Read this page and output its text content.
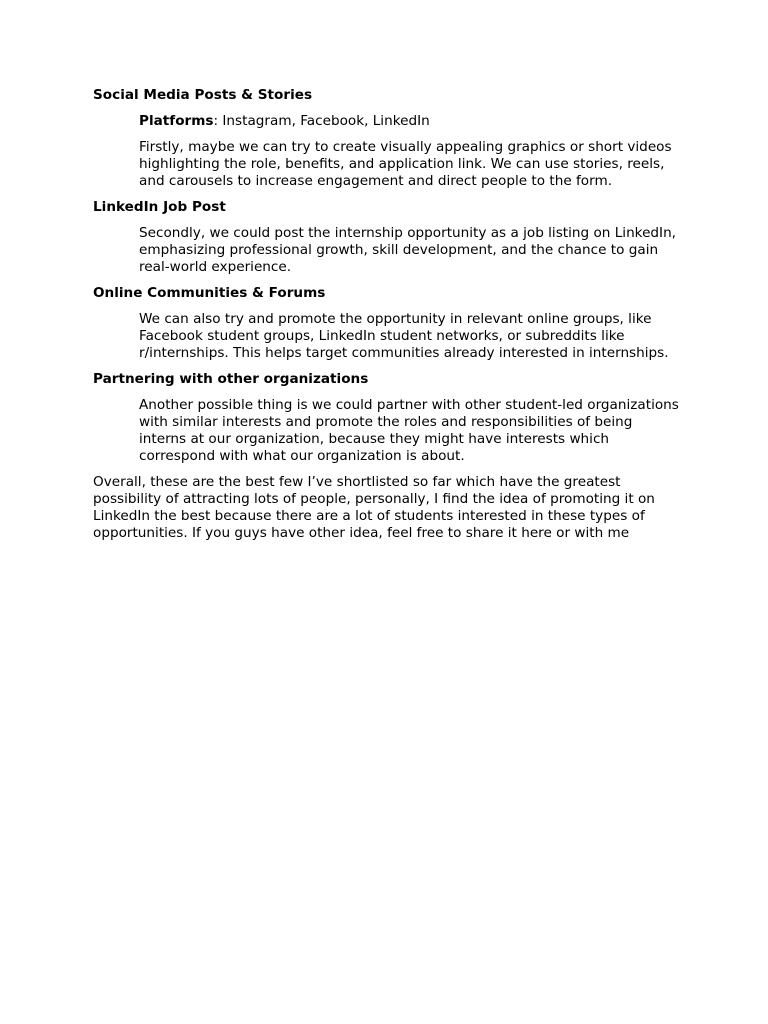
Social Media Posts & Stories

Platforms: Instagram, Facebook, LinkedIn

Firstly, maybe we can try to create visually appealing graphics or short videos highlighting the role, benefits, and application link. We can use stories, reels, and carousels to increase engagement and direct people to the form.

LinkedIn Job Post

Secondly, we could post the internship opportunity as a job listing on LinkedIn, emphasizing professional growth, skill development, and the chance to gain real-world experience.

Online Communities & Forums

We can also try and promote the opportunity in relevant online groups, like Facebook student groups, LinkedIn student networks, or subreddits like r/internships. This helps target communities already interested in internships.

Partnering with other organizations

Another possible thing is we could partner with other student-led organizations with similar interests and promote the roles and responsibilities of being interns at our organization, because they might have interests which correspond with what our organization is about.

Overall, these are the best few I’ve shortlisted so far which have the greatest possibility of attracting lots of people, personally, I find the idea of promoting it on LinkedIn the best because there are a lot of students interested in these types of opportunities. If you guys have other idea, feel free to share it here or with me
